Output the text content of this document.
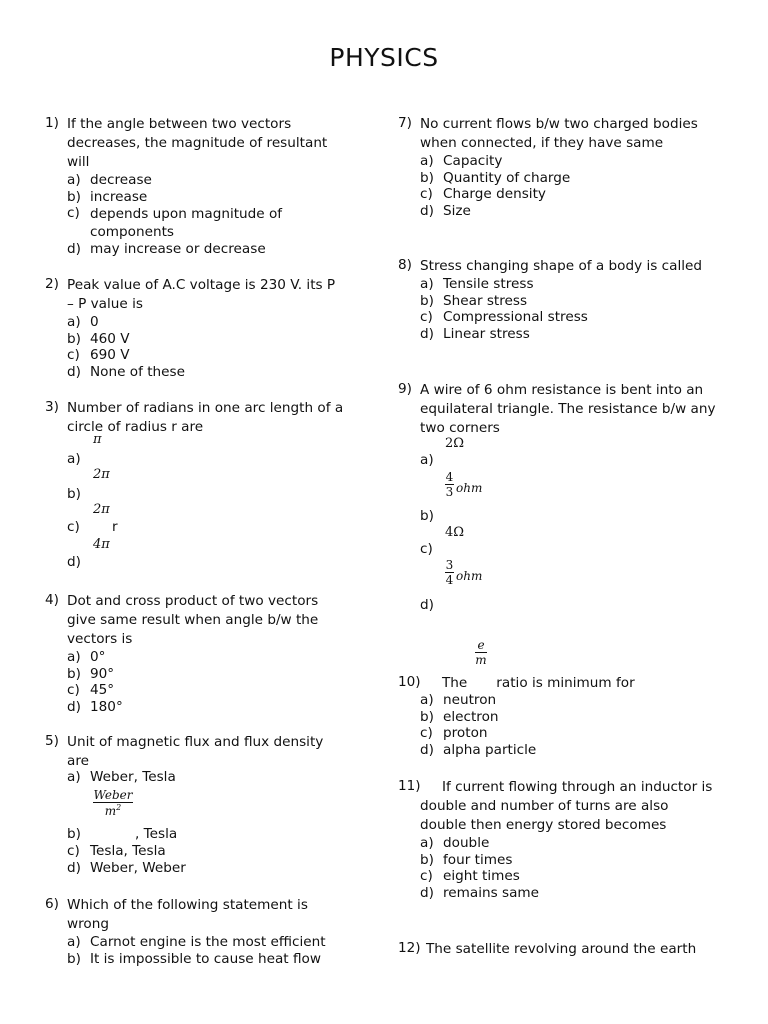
PHYSICS
1) If the angle between two vectors decreases, the magnitude of resultant will
a) decrease
b) increase
c) depends upon magnitude of components
d) may increase or decrease
2) Peak value of A.C voltage is 230 V. its P – P value is
a) 0
b) 460 V
c) 690 V
d) None of these
3) Number of radians in one arc length of a circle of radius r are
π
a)
2π
b)
2π
c) r
4π
d)
4) Dot and cross product of two vectors give same result when angle b/w the vectors is
a) 0°
b) 90°
c) 45°
d) 180°
5) Unit of magnetic flux and flux density are
a) Weber, Tesla
Weber
$m^2$
b)	, Tesla
c) Tesla, Tesla
d) Weber, Weber
6) Which of the following statement is wrong
a) Carnot engine is the most efficient
b) It is impossible to cause heat flow
7) No current flows b/w two charged bodies when connected, if they have same
a) Capacity
b) Quantity of charge
c) Charge density
d) Size
8) Stress changing shape of a body is called
a) Tensile stress
b) Shear stress
c) Compressional stress
d) Linear stress
9) A wire of 6 ohm resistance is bent into an equilateral triangle. The resistance b/w any two corners
2Ω
a)
4
3 ohm
b)
4Ω
c)
3
4 ohm
d)
e
m
10)	The ratio is minimum for
a) neutron
b) electron
c) proton
d) alpha particle
11)	If current flowing through an inductor is double and number of turns are also double then energy stored becomes
a) double
b) four times
c) eight times
d) remains same
12) The satellite revolving around the earth
